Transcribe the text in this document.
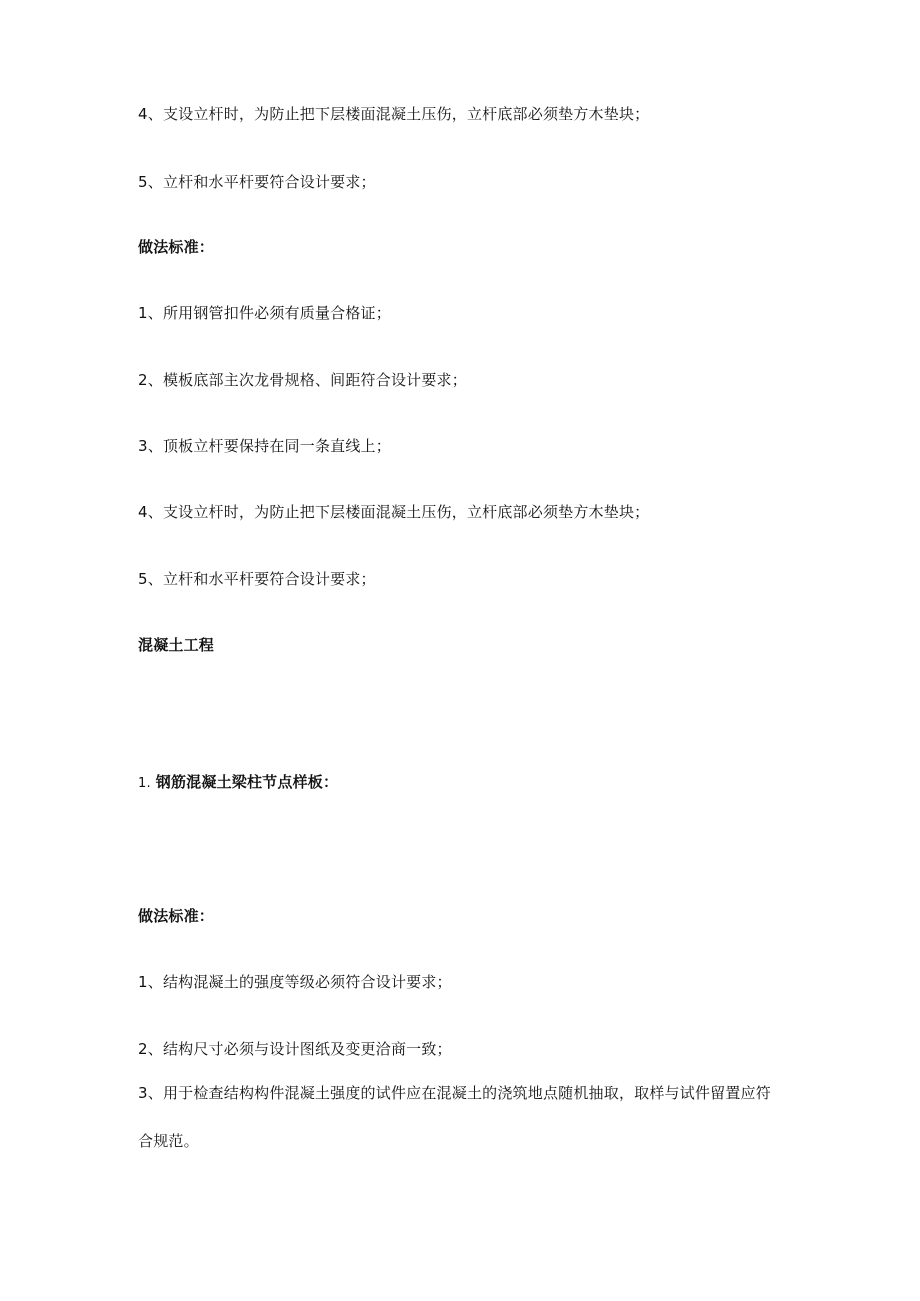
4、支设立杆时，为防止把下层楼面混凝土压伤，立杆底部必须垫方木垫块；
5、立杆和水平杆要符合设计要求；
做法标准：
1、所用钢管扣件必须有质量合格证；
2、模板底部主次龙骨规格、间距符合设计要求；
3、顶板立杆要保持在同一条直线上；
4、支设立杆时，为防止把下层楼面混凝土压伤，立杆底部必须垫方木垫块；
5、立杆和水平杆要符合设计要求；
混凝土工程
1. 钢筋混凝土梁柱节点样板：
做法标准：
1、结构混凝土的强度等级必须符合设计要求；
2、结构尺寸必须与设计图纸及变更洽商一致；
3、用于检查结构构件混凝土强度的试件应在混凝土的浇筑地点随机抽取，取样与试件留置应符
合规范。
